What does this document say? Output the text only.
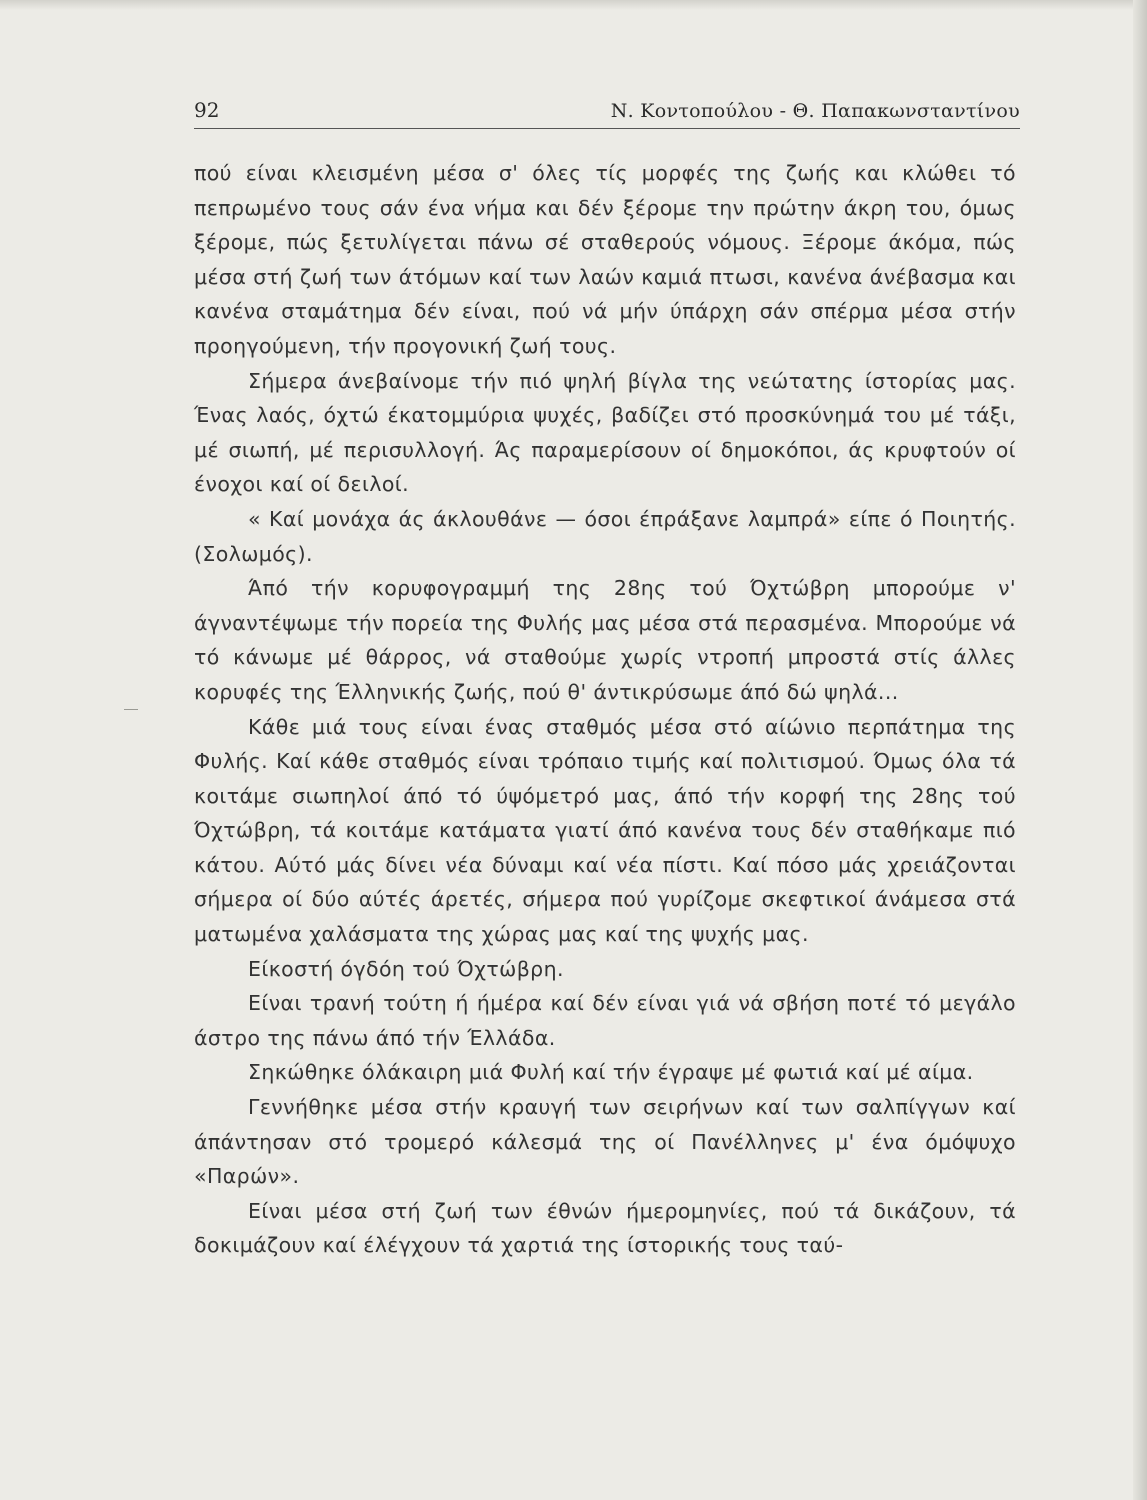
92	Ν. Κοντοπούλου - Θ. Παπακωνσταντίνου

πού είναι κλεισμένη μέσα σ' όλες τίς μορφές της ζωής και κλώθει τό πεπρωμένο τους σάν ένα νήμα και δέν ξέρομε την πρώτην άκρη του, όμως ξέρομε, πώς ξετυλίγεται πάνω σέ σταθερούς νόμους. Ξέρομε άκόμα, πώς μέσα στή ζωή των άτόμων καί των λαών καμιά πτωσι, κανένα άνέβασμα και κανένα σταμάτημα δέν είναι, πού νά μήν ύπάρχη σάν σπέρμα μέσα στήν προηγούμενη, τήν προγονική ζωή τους.

Σήμερα άνεβαίνομε τήν πιό ψηλή βίγλα της νεώτατης ίστορίας μας. Ένας λαός, όχτώ έκατομμύρια ψυχές, βαδίζει στό προσκύνημά του μέ τάξι, μέ σιωπή, μέ περισυλλογή. Άς παραμερίσουν οί δημοκόποι, άς κρυφτούν οί ένοχοι καί οί δειλοί.

« Καί μονάχα άς άκλουθάνε — όσοι έπράξανε λαμπρά» είπε ό Ποιητής. (Σολωμός).

Άπό τήν κορυφογραμμή της 28ης τού Όχτώβρη μπορούμε ν' άγναντέψωμε τήν πορεία της Φυλής μας μέσα στά περασμένα. Μπορούμε νά τό κάνωμε μέ θάρρος, νά σταθούμε χωρίς ντροπή μπροστά στίς άλλες κορυφές της Έλληνικής ζωής, πού θ' άντικρύσωμε άπό δώ ψηλά...

Κάθε μιά τους είναι ένας σταθμός μέσα στό αίώνιο περπάτημα της Φυλής. Καί κάθε σταθμός είναι τρόπαιο τιμής καί πολιτισμού. Όμως όλα τά κοιτάμε σιωπηλοί άπό τό ύψόμετρό μας, άπό τήν κορφή της 28ης τού Όχτώβρη, τά κοιτάμε κατάματα γιατί άπό κανένα τους δέν σταθήκαμε πιό κάτου. Αύτό μάς δίνει νέα δύναμι καί νέα πίστι. Καί πόσο μάς χρειάζονται σήμερα οί δύο αύτές άρετές, σήμερα πού γυρίζομε σκεφτικοί άνάμεσα στά ματωμένα χαλάσματα της χώρας μας καί της ψυχής μας.

Είκοστή όγδόη τού Όχτώβρη.

Είναι τρανή τούτη ή ήμέρα καί δέν είναι γιά νά σβήση ποτέ τό μεγάλο άστρο της πάνω άπό τήν Έλλάδα.

Σηκώθηκε όλάκαιρη μιά Φυλή καί τήν έγραψε μέ φωτιά καί μέ αίμα.

Γεννήθηκε μέσα στήν κραυγή των σειρήνων καί των σαλπίγγων καί άπάντησαν στό τρομερό κάλεσμά της οί Πανέλληνες μ' ένα όμόψυχο «Παρών».

Είναι μέσα στή ζωή των έθνών ήμερομηνίες, πού τά δικάζουν, τά δοκιμάζουν καί έλέγχουν τά χαρτιά της ίστορικής τους ταύ-
